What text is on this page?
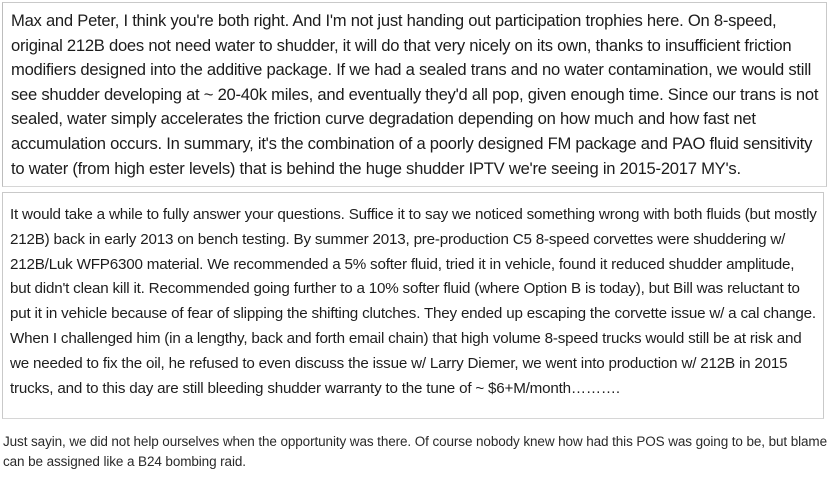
Max and Peter, I think you're both right. And I'm not just handing out participation trophies here. On 8-speed, original 212B does not need water to shudder, it will do that very nicely on its own, thanks to insufficient friction modifiers designed into the additive package. If we had a sealed trans and no water contamination, we would still see shudder developing at ~ 20-40k miles, and eventually they'd all pop, given enough time. Since our trans is not sealed, water simply accelerates the friction curve degradation depending on how much and how fast net accumulation occurs. In summary, it's the combination of a poorly designed FM package and PAO fluid sensitivity to water (from high ester levels) that is behind the huge shudder IPTV we're seeing in 2015-2017 MY's.

It would take a while to fully answer your questions. Suffice it to say we noticed something wrong with both fluids (but mostly 212B) back in early 2013 on bench testing. By summer 2013, pre-production C5 8-speed corvettes were shuddering w/ 212B/Luk WFP6300 material. We recommended a 5% softer fluid, tried it in vehicle, found it reduced shudder amplitude, but didn't clean kill it. Recommended going further to a 10% softer fluid (where Option B is today), but Bill was reluctant to put it in vehicle because of fear of slipping the shifting clutches. They ended up escaping the corvette issue w/ a cal change. When I challenged him (in a lengthy, back and forth email chain) that high volume 8-speed trucks would still be at risk and we needed to fix the oil, he refused to even discuss the issue w/ Larry Diemer, we went into production w/ 212B in 2015 trucks, and to this day are still bleeding shudder warranty to the tune of ~ $6+M/month……….

Just sayin, we did not help ourselves when the opportunity was there. Of course nobody knew how had this POS was going to be, but blame can be assigned like a B24 bombing raid.
